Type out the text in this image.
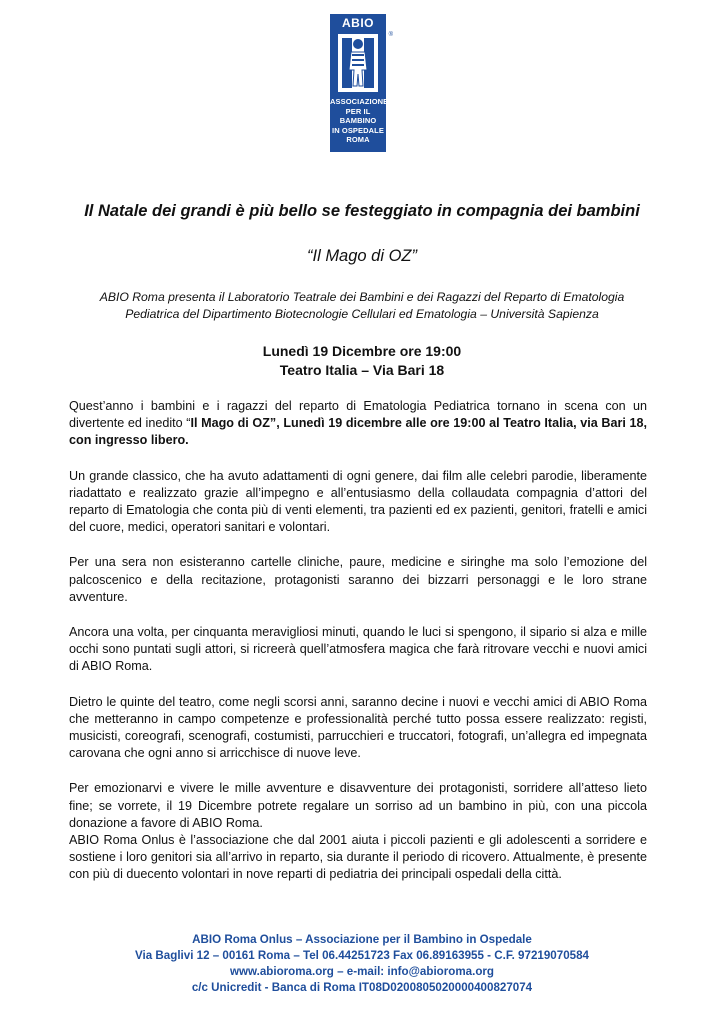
ABIO
ASSOCIAZIONE
PER IL BAMBINO
IN OSPEDALE
ROMA
®
Il Natale dei grandi è più bello se festeggiato in compagnia dei bambini
“Il Mago di OZ”
ABIO Roma presenta il Laboratorio Teatrale dei Bambini e dei Ragazzi del Reparto di Ematologia
Pediatrica del Dipartimento Biotecnologie Cellulari ed Ematologia – Università Sapienza
Lunedì 19 Dicembre ore 19:00
Teatro Italia – Via Bari 18

Quest’anno i bambini e i ragazzi del reparto di Ematologia Pediatrica tornano in scena con un divertente ed inedito “Il Mago di OZ”, Lunedì 19 dicembre alle ore 19:00 al Teatro Italia, via Bari 18, con ingresso libero.

Un grande classico, che ha avuto adattamenti di ogni genere, dai film alle celebri parodie, liberamente riadattato e realizzato grazie all’impegno e all’entusiasmo della collaudata compagnia d’attori del reparto di Ematologia che conta più di venti elementi, tra pazienti ed ex pazienti, genitori, fratelli e amici del cuore, medici, operatori sanitari e volontari.

Per una sera non esisteranno cartelle cliniche, paure, medicine e siringhe ma solo l’emozione del palcoscenico e della recitazione, protagonisti saranno dei bizzarri personaggi e le loro strane avventure.

Ancora una volta, per cinquanta meravigliosi minuti, quando le luci si spengono, il sipario si alza e mille occhi sono puntati sugli attori, si ricreerà quell’atmosfera magica che farà ritrovare vecchi e nuovi amici di ABIO Roma.

Dietro le quinte del teatro, come negli scorsi anni, saranno decine i nuovi e vecchi amici di ABIO Roma che metteranno in campo competenze e professionalità perché tutto possa essere realizzato: registi, musicisti, coreografi, scenografi, costumisti, parrucchieri e truccatori, fotografi, un’allegra ed impegnata carovana che ogni anno si arricchisce di nuove leve.

Per emozionarvi e vivere le mille avventure e disavventure dei protagonisti, sorridere all’atteso lieto fine; se vorrete, il 19 Dicembre potrete regalare un sorriso ad un bambino in più, con una piccola donazione a favore di ABIO Roma.

ABIO Roma Onlus è l’associazione che dal 2001 aiuta i piccoli pazienti e gli adolescenti a sorridere e sostiene i loro genitori sia all’arrivo in reparto, sia durante il periodo di ricovero. Attualmente, è presente con più di duecento volontari in nove reparti di pediatria dei principali ospedali della città.

ABIO Roma Onlus – Associazione per il Bambino in Ospedale
Via Baglivi 12 – 00161 Roma – Tel 06.44251723 Fax 06.89163955 - C.F. 97219070584
www.abioroma.org – e-mail: info@abioroma.org
c/c Unicredit - Banca di Roma IT08D0200805020000400827074
